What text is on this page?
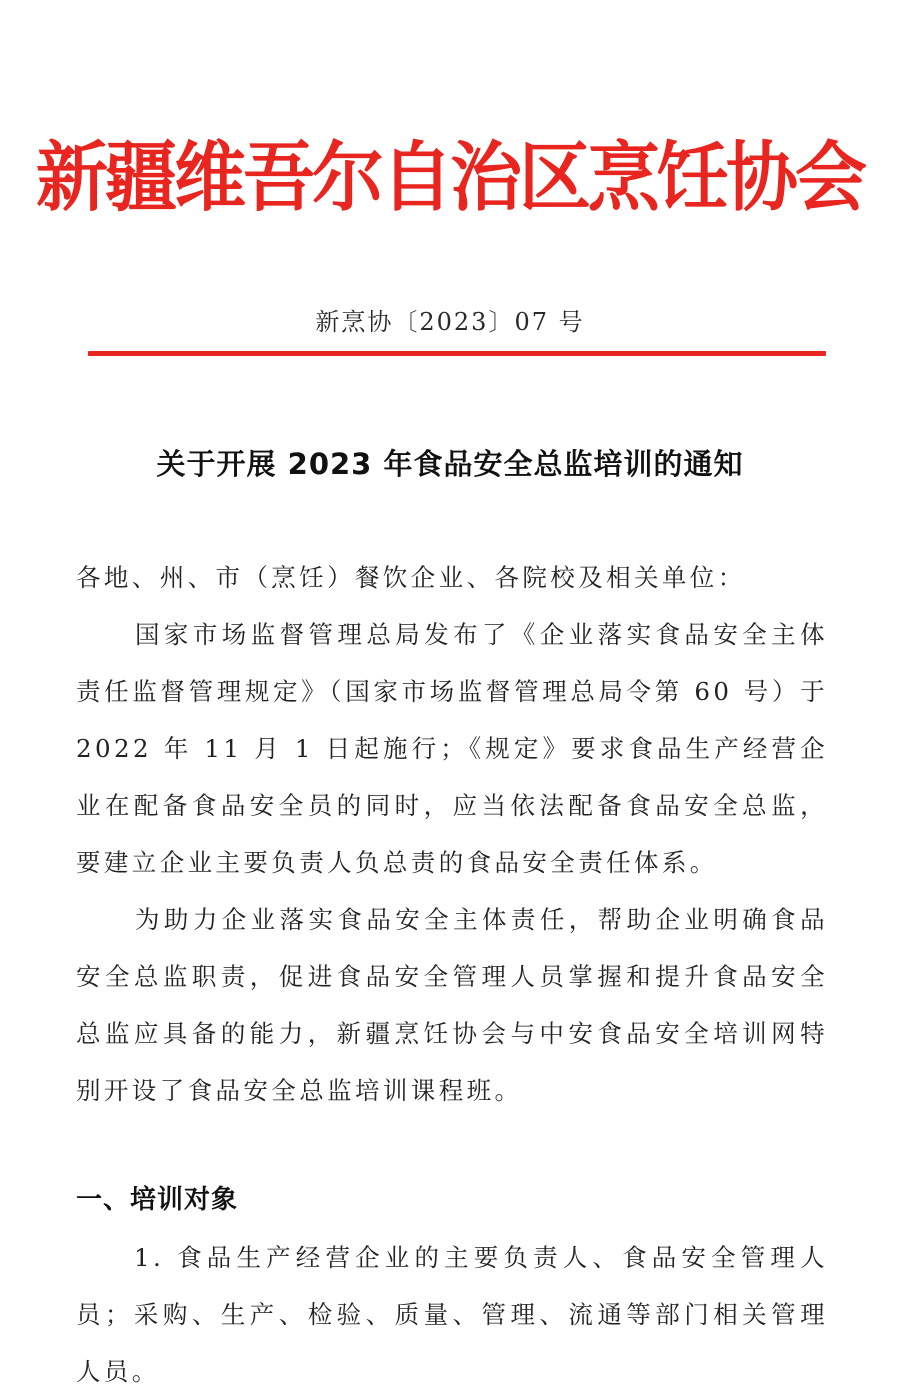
新疆维吾尔自治区烹饪协会
新烹协〔2023〕07 号
关于开展 2023 年食品安全总监培训的通知
各地、州、市（烹饪）餐饮企业、各院校及相关单位：
国家市场监督管理总局发布了《企业落实食品安全主体责任监督管理规定》（国家市场监督管理总局令第 60 号）于 2022 年 11 月 1 日起施行；《规定》要求食品生产经营企业在配备食品安全员的同时，应当依法配备食品安全总监，要建立企业主要负责人负总责的食品安全责任体系。
为助力企业落实食品安全主体责任，帮助企业明确食品安全总监职责，促进食品安全管理人员掌握和提升食品安全总监应具备的能力，新疆烹饪协会与中安食品安全培训网特别开设了食品安全总监培训课程班。
一、培训对象
1. 食品生产经营企业的主要负责人、食品安全管理人员；采购、生产、检验、质量、管理、流通等部门相关管理人员。
